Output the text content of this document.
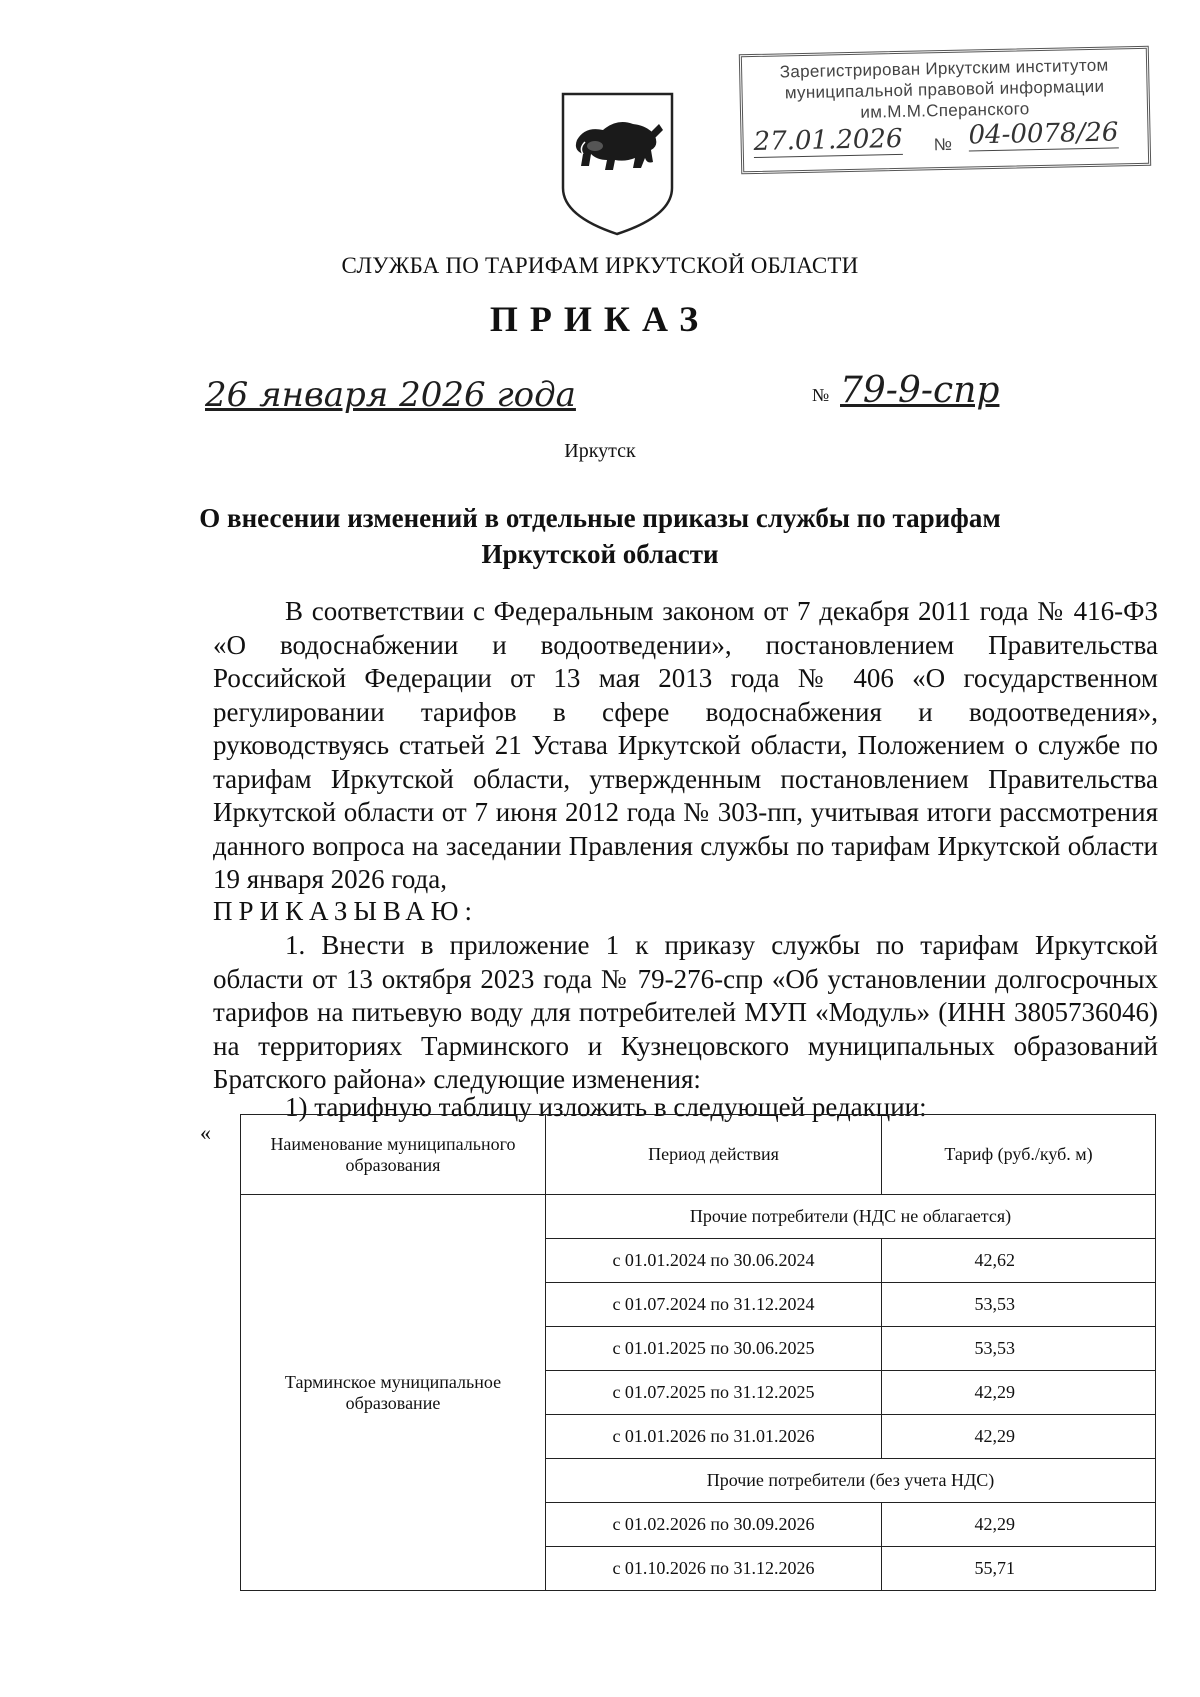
Зарегистрирован Иркутским институтом
муниципальной правовой информации
им.М.М.Сперанского
27.01.2026 № 04-0078/26
СЛУЖБА ПО ТАРИФАМ ИРКУТСКОЙ ОБЛАСТИ
ПРИКАЗ
26 января 2026 года	№ 79-9-спр
Иркутск
О внесении изменений в отдельные приказы службы по тарифам
Иркутской области
В соответствии с Федеральным законом от 7 декабря 2011 года № 416-ФЗ «О водоснабжении и водоотведении», постановлением Правительства Российской Федерации от 13 мая 2013 года № 406 «О государственном регулировании тарифов в сфере водоснабжения и водоотведения», руководствуясь статьей 21 Устава Иркутской области, Положением о службе по тарифам Иркутской области, утвержденным постановлением Правительства Иркутской области от 7 июня 2012 года № 303-пп, учитывая итоги рассмотрения данного вопроса на заседании Правления службы по тарифам Иркутской области 19 января 2026 года,
ПРИКАЗЫВАЮ:
1. Внести в приложение 1 к приказу службы по тарифам Иркутской области от 13 октября 2023 года № 79-276-спр «Об установлении долгосрочных тарифов на питьевую воду для потребителей МУП «Модуль» (ИНН 3805736046) на территориях Тарминского и Кузнецовского муниципальных образований Братского района» следующие изменения:
1) тарифную таблицу изложить в следующей редакции:
«	Наименование муниципального образования	Период действия	Тариф (руб./куб. м)
Тарминское муниципальное образование	Прочие потребители (НДС не облагается)	
	с 01.01.2024 по 30.06.2024	42,62
	с 01.07.2024 по 31.12.2024	53,53
	с 01.01.2025 по 30.06.2025	53,53
	с 01.07.2025 по 31.12.2025	42,29
	с 01.01.2026 по 31.01.2026	42,29
	Прочие потребители (без учета НДС)	
	с 01.02.2026 по 30.09.2026	42,29
	с 01.10.2026 по 31.12.2026	55,71
